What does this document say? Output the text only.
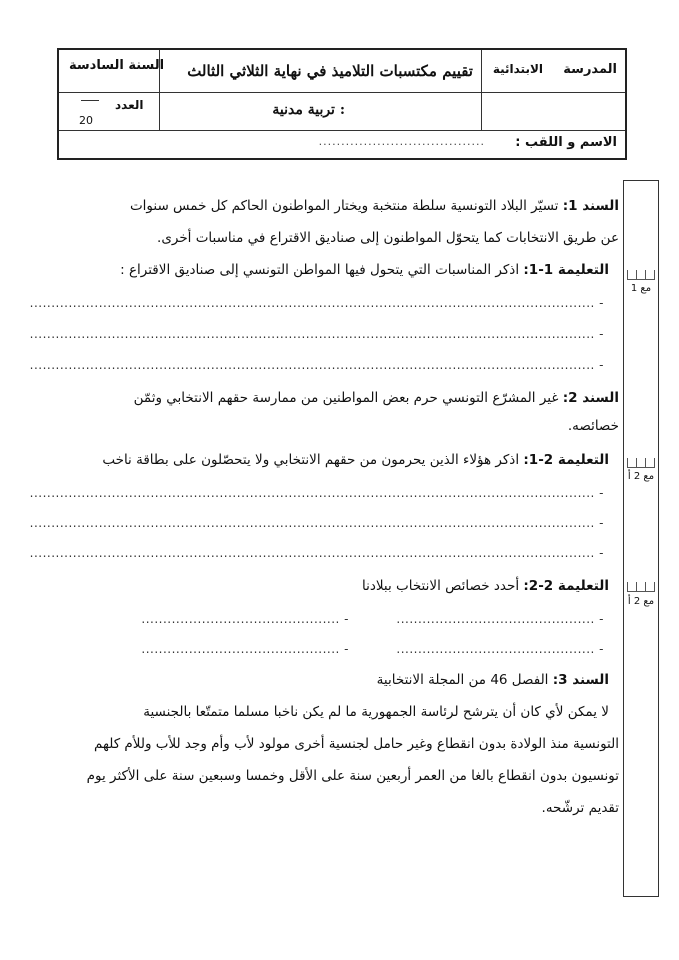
المدرسة
الابتدائية
تقييم مكتسبات التلاميذ في نهاية الثلاثي الثالث
السنة السادسة
: تربية مدنية
العدد
20
الاسم و اللقب :
.....................................
مع 1
مع 2 أ
مع 2 أ
السند 1: تسيّر البلاد التونسية سلطة منتخبة ويختار المواطنون الحاكم كل خمس سنوات
عن طريق الانتخابات كما يتحوّل المواطنون إلى صناديق الاقتراع في مناسبات أخرى.
التعليمة 1-1: اذكر المناسبات التي يتحول فيها المواطن التونسي إلى صناديق الاقتراع :
- ...................................................................................................................................
- ...................................................................................................................................
- ...................................................................................................................................
السند 2: غير المشرّع التونسي حرم بعض المواطنين من ممارسة حقهم الانتخابي وثمّن
خصائصه.
التعليمة 2-1: اذكر هؤلاء الذين يحرمون من حقهم الانتخابي ولا يتحصّلون على بطاقة ناخب
- ...................................................................................................................................
- ...................................................................................................................................
- ...................................................................................................................................
التعليمة 2-2: أحدد خصائص الانتخاب ببلادنا
- ..............................................
- ..............................................
- ..............................................
- ..............................................
السند 3: الفصل 46 من المجلة الانتخابية
لا يمكن لأي كان أن يترشح لرئاسة الجمهورية ما لم يكن ناخبا مسلما متمتّعا بالجنسية
التونسية منذ الولادة بدون انقطاع وغير حامل لجنسية أخرى مولود لأب وأم وجد للأب وللأم كلهم
تونسيون بدون انقطاع بالغا من العمر أربعين سنة على الأقل وخمسا وسبعين سنة على الأكثر يوم
تقديم ترشّحه.
